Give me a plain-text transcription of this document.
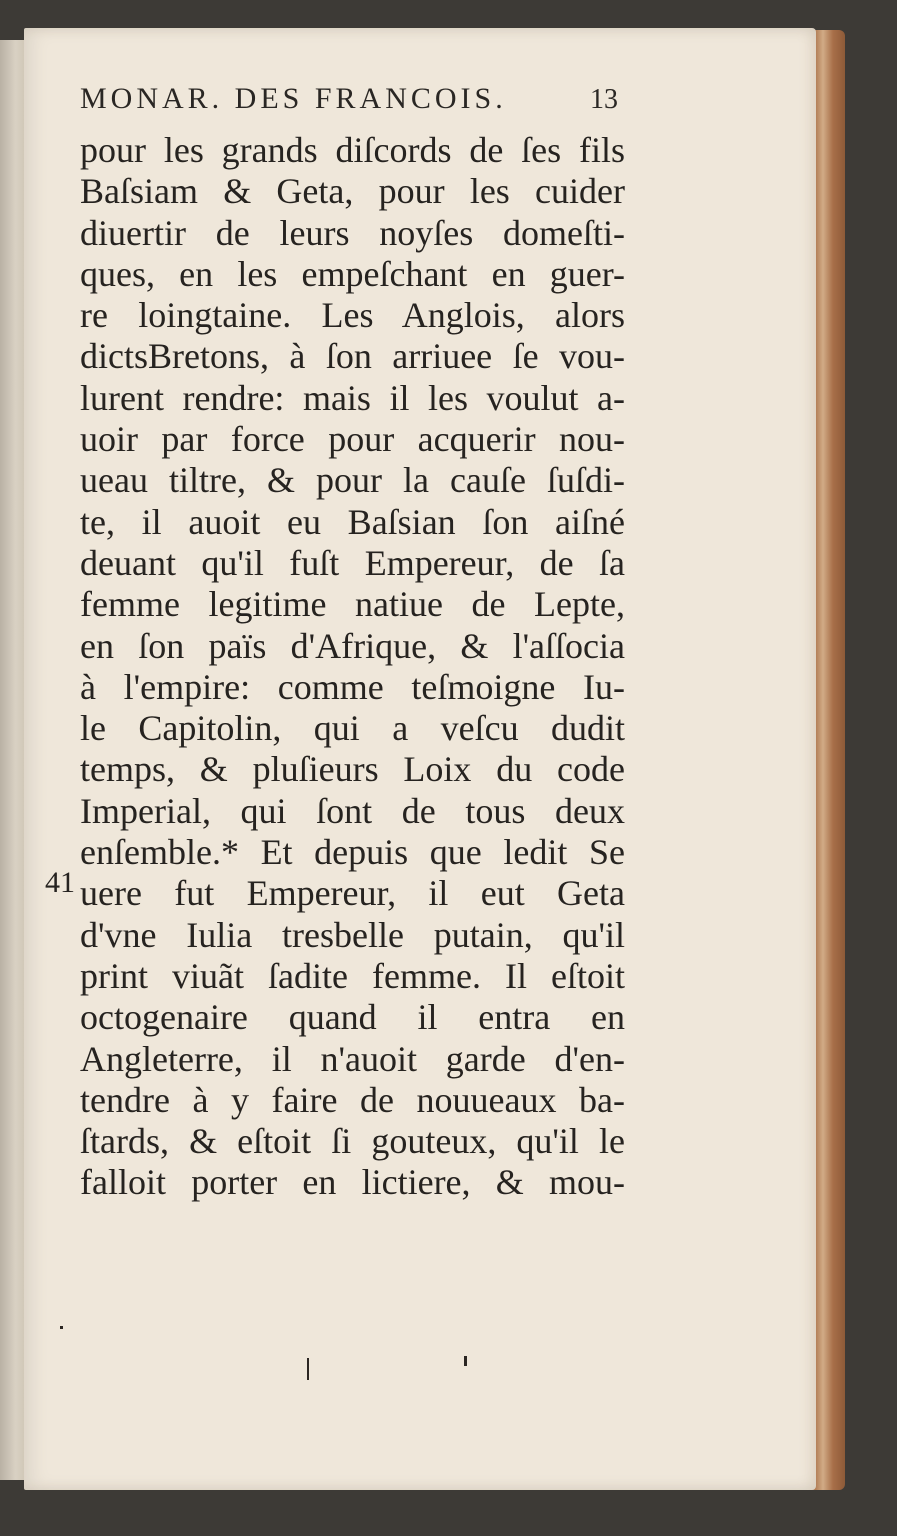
MONAR. DES FRANCOIS.	13
41
pour les grands diſcords de ſes fils
Baſsiam & Geta, pour les cuider
diuertir de leurs noyſes domeſti-
ques, en les empeſchant en guer-
re loingtaine. Les Anglois, alors
dictsBretons, à ſon arriuee ſe vou-
lurent rendre: mais il les voulut a-
uoir par force pour acquerir nou-
ueau tiltre, & pour la cauſe ſuſdi-
te, il auoit eu Baſsian ſon aiſné
deuant qu'il fuſt Empereur, de ſa
femme legitime natiue de Lepte,
en ſon païs d'Afrique, & l'aſſocia
à l'empire: comme teſmoigne Iu-
le Capitolin, qui a veſcu dudit
temps, & pluſieurs Loix du code
Imperial, qui ſont de tous deux
enſemble.* Et depuis que ledit Se
uere fut Empereur, il eut Geta
d'vne Iulia tresbelle putain, qu'il
print viuãt ſadite femme. Il eſtoit
octogenaire quand il entra en
Angleterre, il n'auoit garde d'en-
tendre à y faire de nouueaux ba-
ſtards, & eſtoit ſi gouteux, qu'il le
falloit porter en lictiere, & mou-
